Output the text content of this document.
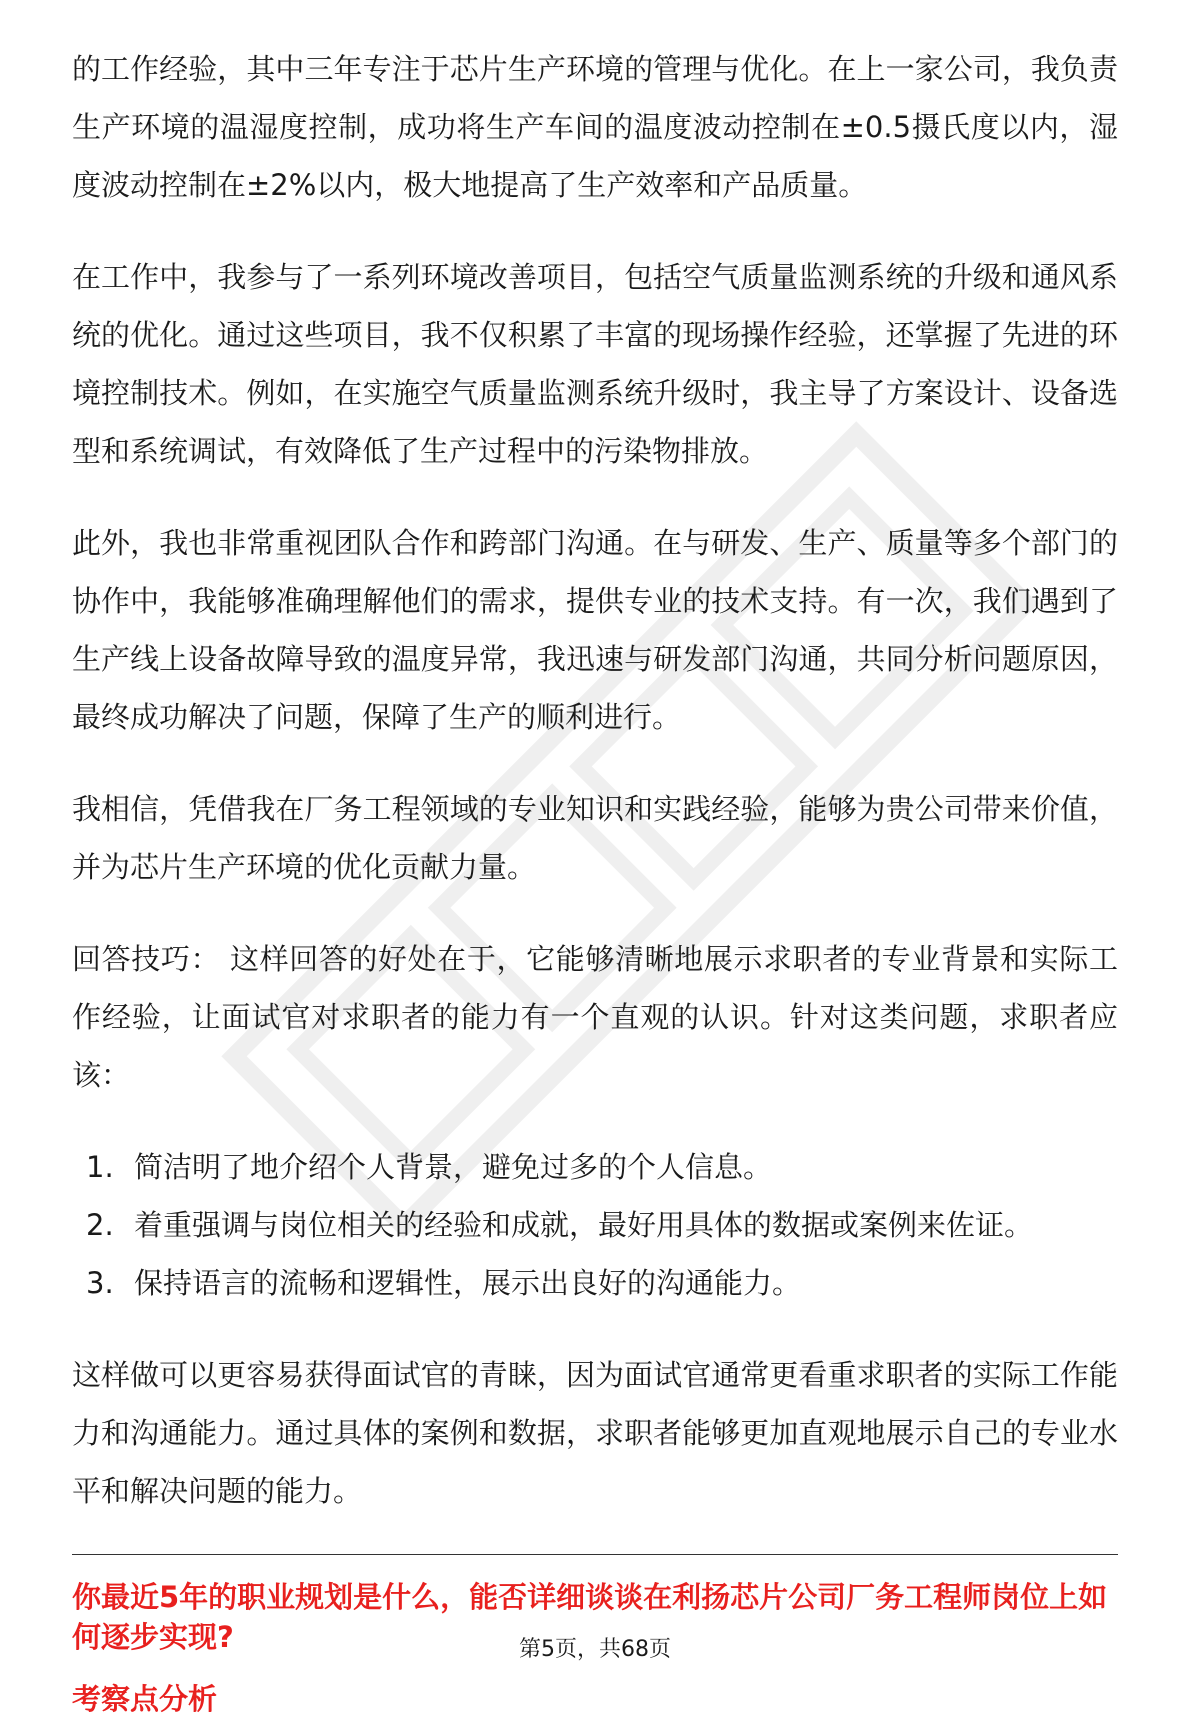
的工作经验，其中三年专注于芯片生产环境的管理与优化。在上一家公司，我负责生产环境的温湿度控制，成功将生产车间的温度波动控制在±0.5摄氏度以内，湿度波动控制在±2%以内，极大地提高了生产效率和产品质量。

在工作中，我参与了一系列环境改善项目，包括空气质量监测系统的升级和通风系统的优化。通过这些项目，我不仅积累了丰富的现场操作经验，还掌握了先进的环境控制技术。例如，在实施空气质量监测系统升级时，我主导了方案设计、设备选型和系统调试，有效降低了生产过程中的污染物排放。

此外，我也非常重视团队合作和跨部门沟通。在与研发、生产、质量等多个部门的协作中，我能够准确理解他们的需求，提供专业的技术支持。有一次，我们遇到了生产线上设备故障导致的温度异常，我迅速与研发部门沟通，共同分析问题原因，最终成功解决了问题，保障了生产的顺利进行。

我相信，凭借我在厂务工程领域的专业知识和实践经验，能够为贵公司带来价值，并为芯片生产环境的优化贡献力量。

回答技巧： 这样回答的好处在于，它能够清晰地展示求职者的专业背景和实际工作经验，让面试官对求职者的能力有一个直观的认识。针对这类问题，求职者应该：

1. 简洁明了地介绍个人背景，避免过多的个人信息。
2. 着重强调与岗位相关的经验和成就，最好用具体的数据或案例来佐证。
3. 保持语言的流畅和逻辑性，展示出良好的沟通能力。

这样做可以更容易获得面试官的青睐，因为面试官通常更看重求职者的实际工作能力和沟通能力。通过具体的案例和数据，求职者能够更加直观地展示自己的专业水平和解决问题的能力。

你最近5年的职业规划是什么，能否详细谈谈在利扬芯片公司厂务工程师岗位上如何逐步实现?

考察点分析

第5页，共68页
